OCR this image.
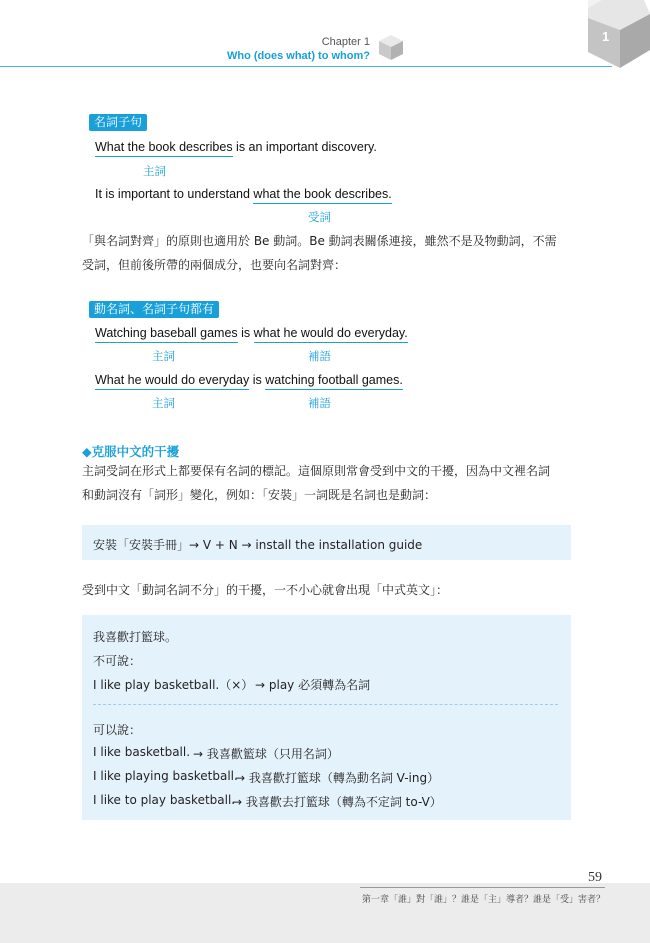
Chapter 1
Who (does what) to whom?
1
名詞子句
What the book describes is an important discovery.
主詞
It is important to understand what the book describes.
受詞
「與名詞對齊」的原則也適用於 Be 動詞。Be 動詞表關係連接，雖然不是及物動詞，不需
受詞，但前後所帶的兩個成分，也要向名詞對齊：
動名詞、名詞子句都有
Watching baseball games is what he would do everyday.
主詞	補語
What he would do everyday is watching football games.
主詞	補語
◆克服中文的干擾
主詞受詞在形式上都要保有名詞的標記。這個原則常會受到中文的干擾，因為中文裡名詞
和動詞沒有「詞形」變化，例如：「安裝」一詞既是名詞也是動詞：
安裝「安裝手冊」→ V + N → install the installation guide
受到中文「動詞名詞不分」的干擾，一不小心就會出現「中式英文」：
我喜歡打籃球。
不可說：
I like play basketball.（×） → play 必須轉為名詞
可以說：
I like basketball. → 我喜歡籃球（只用名詞）
I like playing basketball.
→ 我喜歡打籃球（轉為動名詞 V-ing）
I like to play basketball.
→ 我喜歡去打籃球（轉為不定詞 to-V）
59
第一章「誰」對「誰」？誰是「主」導者？誰是「受」害者？
